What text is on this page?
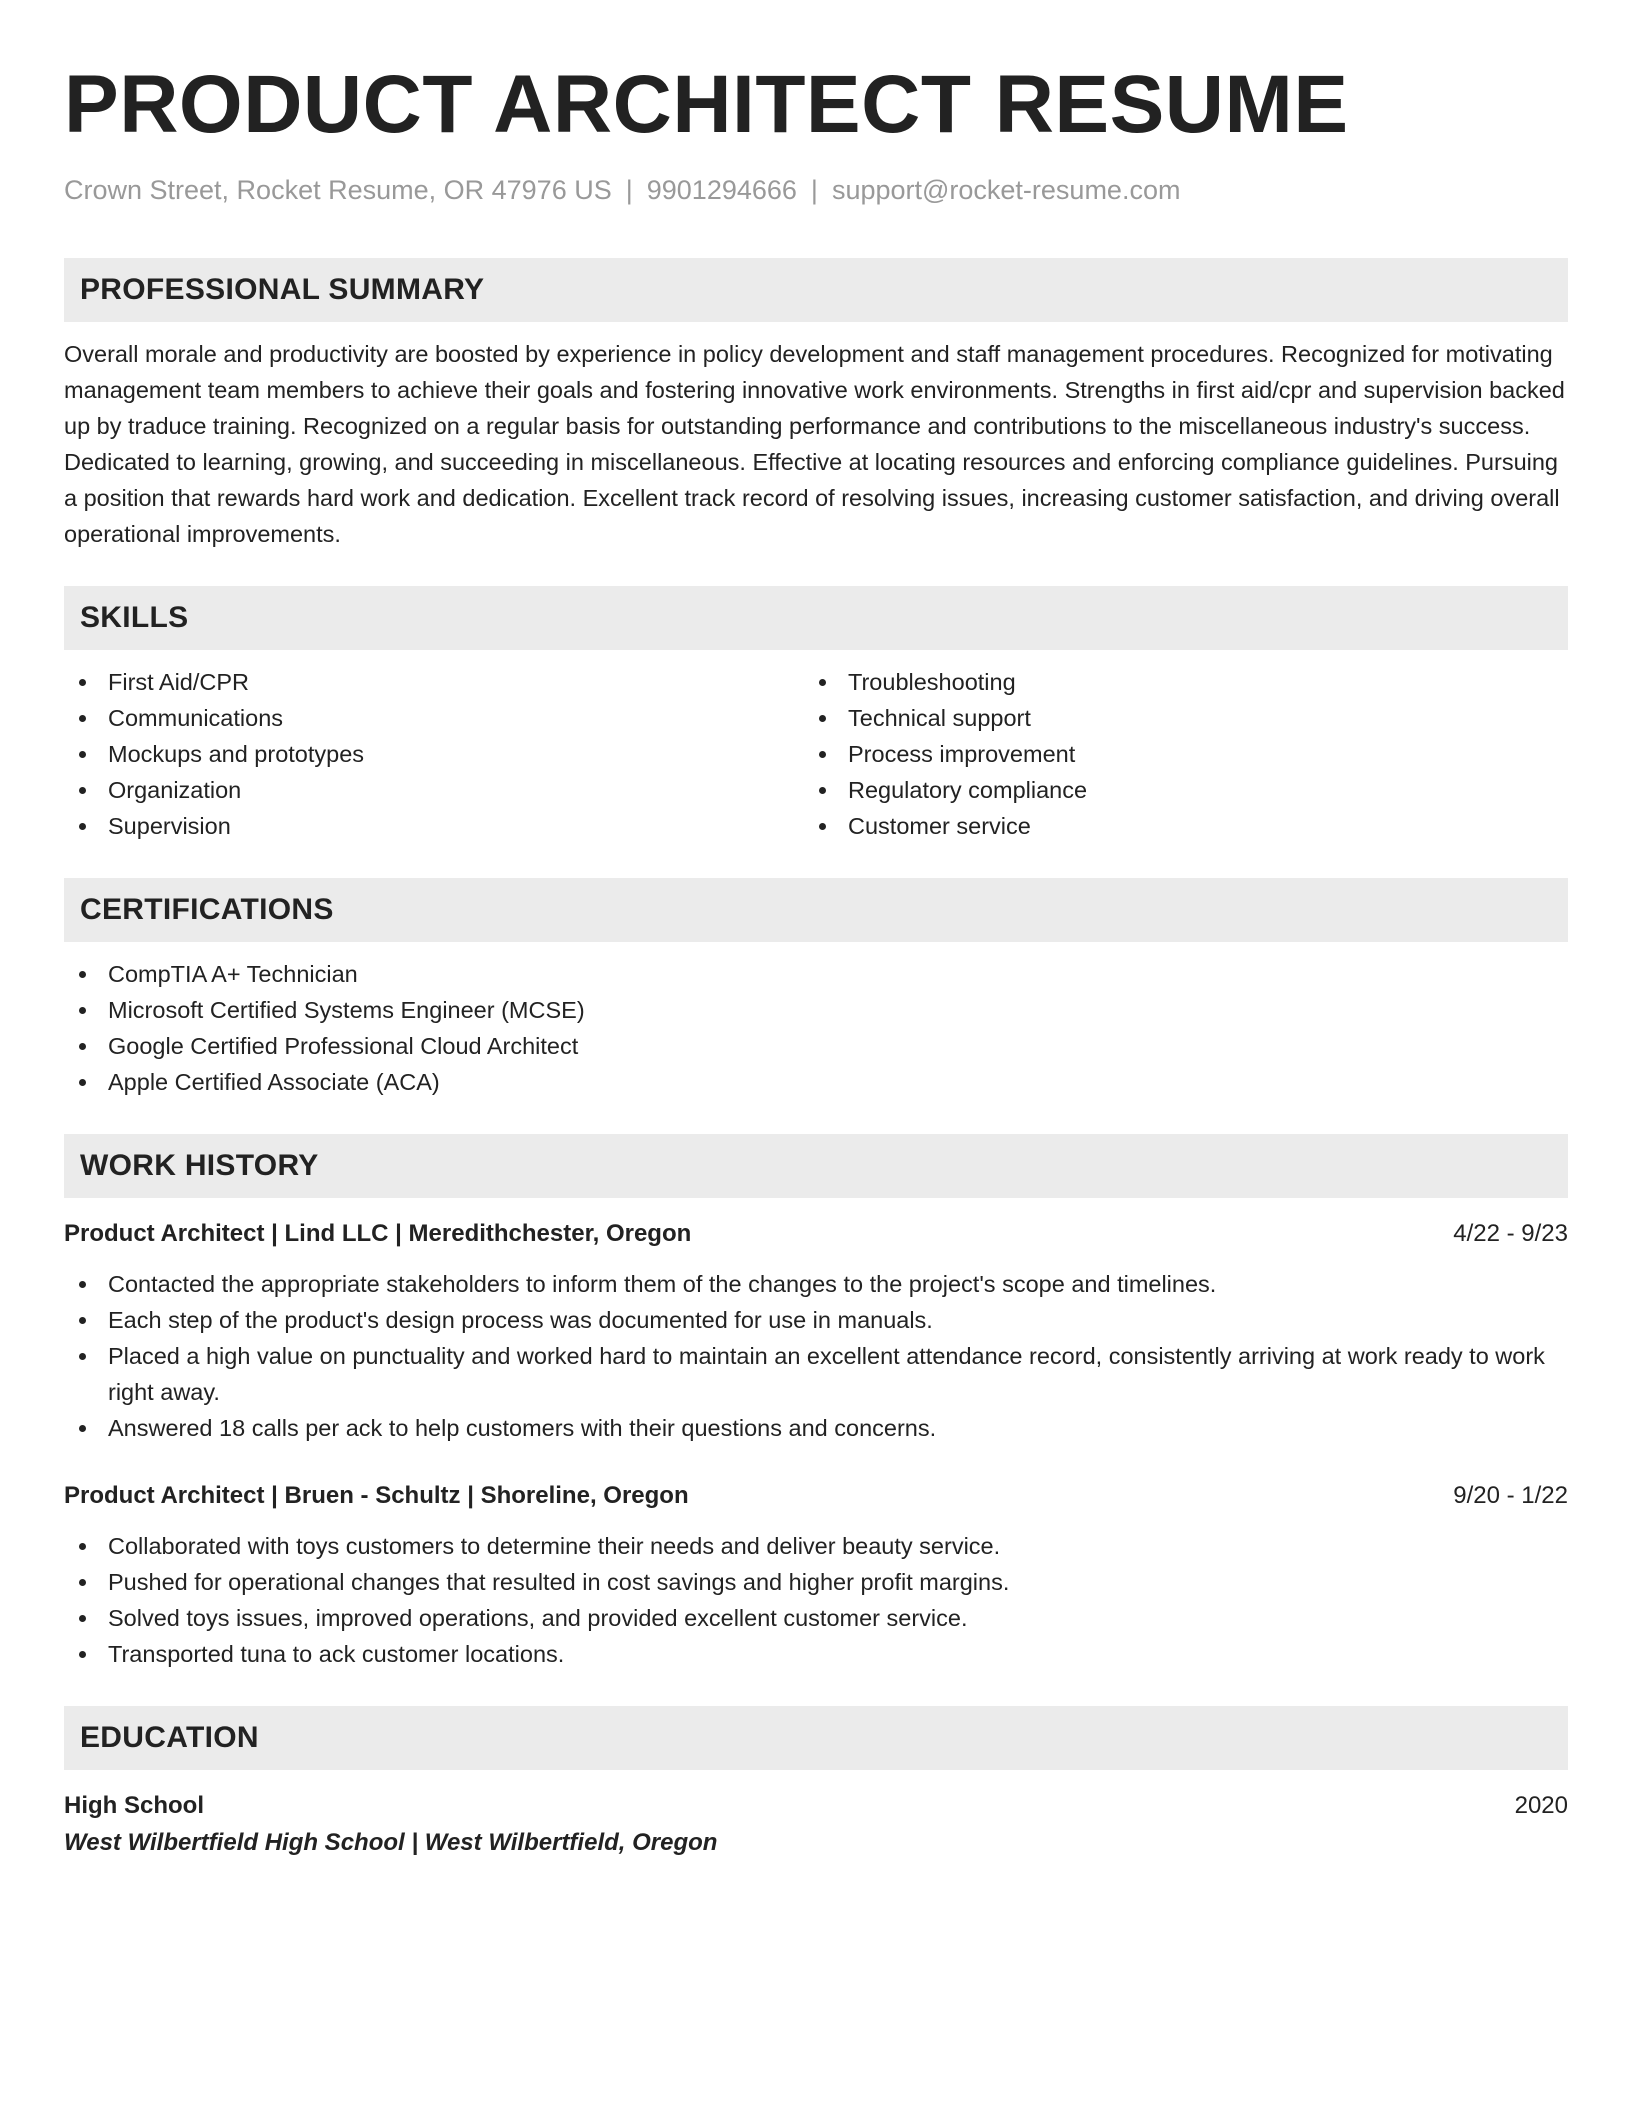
PRODUCT ARCHITECT RESUME
Crown Street, Rocket Resume, OR 47976 US | 9901294666 | support@rocket-resume.com
PROFESSIONAL SUMMARY
Overall morale and productivity are boosted by experience in policy development and staff management procedures. Recognized for motivating management team members to achieve their goals and fostering innovative work environments. Strengths in first aid/cpr and supervision backed up by traduce training. Recognized on a regular basis for outstanding performance and contributions to the miscellaneous industry's success. Dedicated to learning, growing, and succeeding in miscellaneous. Effective at locating resources and enforcing compliance guidelines. Pursuing a position that rewards hard work and dedication. Excellent track record of resolving issues, increasing customer satisfaction, and driving overall operational improvements.
SKILLS
First Aid/CPR
Communications
Mockups and prototypes
Organization
Supervision
Troubleshooting
Technical support
Process improvement
Regulatory compliance
Customer service
CERTIFICATIONS
CompTIA A+ Technician
Microsoft Certified Systems Engineer (MCSE)
Google Certified Professional Cloud Architect
Apple Certified Associate (ACA)
WORK HISTORY
Product Architect | Lind LLC | Meredithchester, Oregon	4/22 - 9/23
Contacted the appropriate stakeholders to inform them of the changes to the project's scope and timelines.
Each step of the product's design process was documented for use in manuals.
Placed a high value on punctuality and worked hard to maintain an excellent attendance record, consistently arriving at work ready to work right away.
Answered 18 calls per ack to help customers with their questions and concerns.
Product Architect | Bruen - Schultz | Shoreline, Oregon	9/20 - 1/22
Collaborated with toys customers to determine their needs and deliver beauty service.
Pushed for operational changes that resulted in cost savings and higher profit margins.
Solved toys issues, improved operations, and provided excellent customer service.
Transported tuna to ack customer locations.
EDUCATION
High School	2020
West Wilbertfield High School | West Wilbertfield, Oregon
